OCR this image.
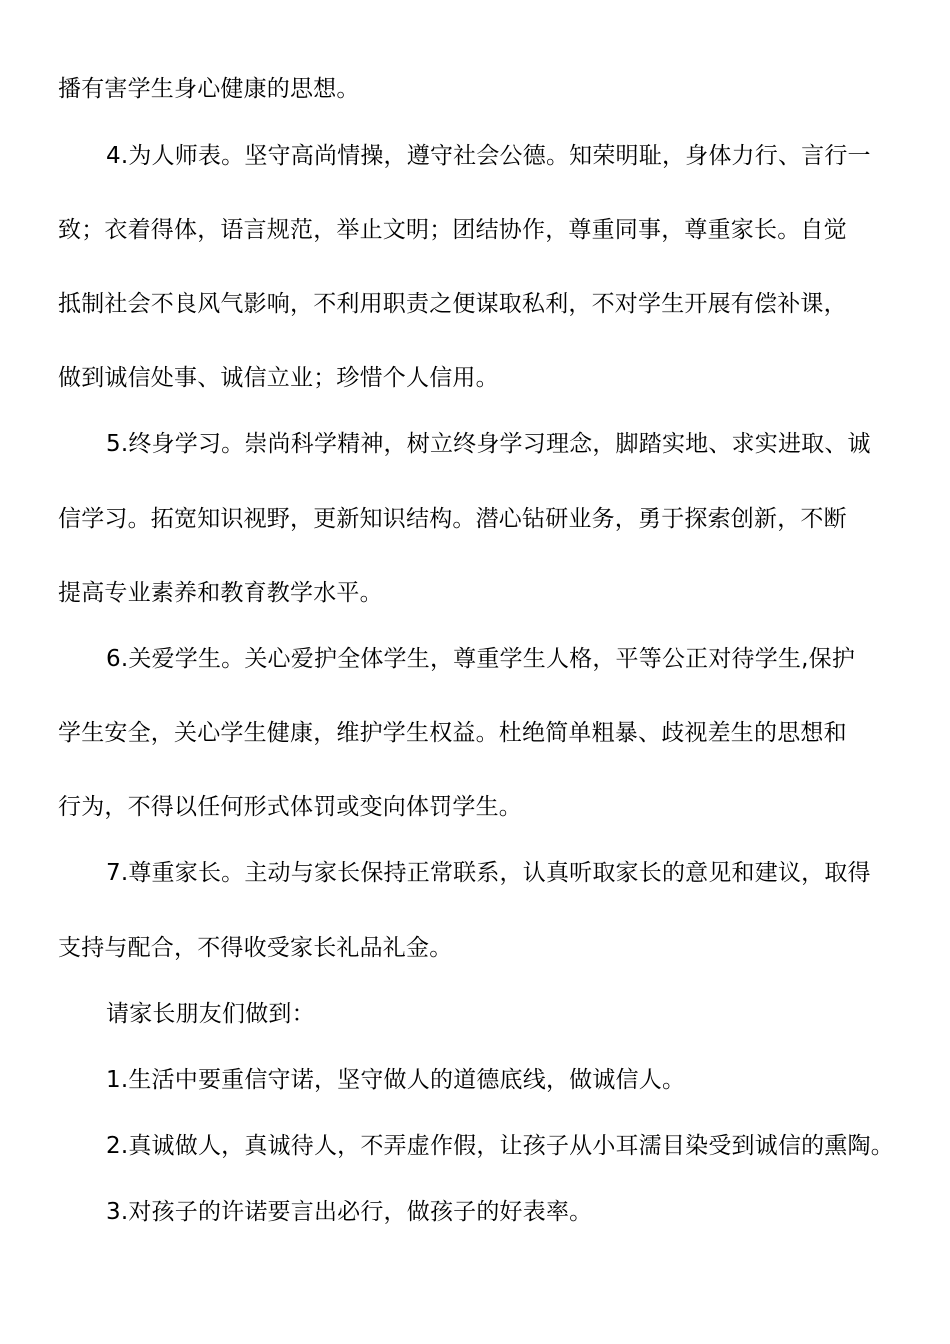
播有害学生身心健康的思想。
4.为人师表。坚守高尚情操，遵守社会公德。知荣明耻，身体力行、言行一
致；衣着得体，语言规范，举止文明；团结协作，尊重同事，尊重家长。自觉
抵制社会不良风气影响，不利用职责之便谋取私利，不对学生开展有偿补课，
做到诚信处事、诚信立业；珍惜个人信用。
5.终身学习。崇尚科学精神，树立终身学习理念，脚踏实地、求实进取、诚
信学习。拓宽知识视野，更新知识结构。潜心钻研业务，勇于探索创新，不断
提高专业素养和教育教学水平。
6.关爱学生。关心爱护全体学生，尊重学生人格，平等公正对待学生,保护
学生安全，关心学生健康，维护学生权益。杜绝简单粗暴、歧视差生的思想和
行为，不得以任何形式体罚或变向体罚学生。
7.尊重家长。主动与家长保持正常联系，认真听取家长的意见和建议，取得
支持与配合，不得收受家长礼品礼金。
请家长朋友们做到：
1.生活中要重信守诺，坚守做人的道德底线，做诚信人。
2.真诚做人，真诚待人，不弄虚作假，让孩子从小耳濡目染受到诚信的熏陶。
3.对孩子的许诺要言出必行，做孩子的好表率。
